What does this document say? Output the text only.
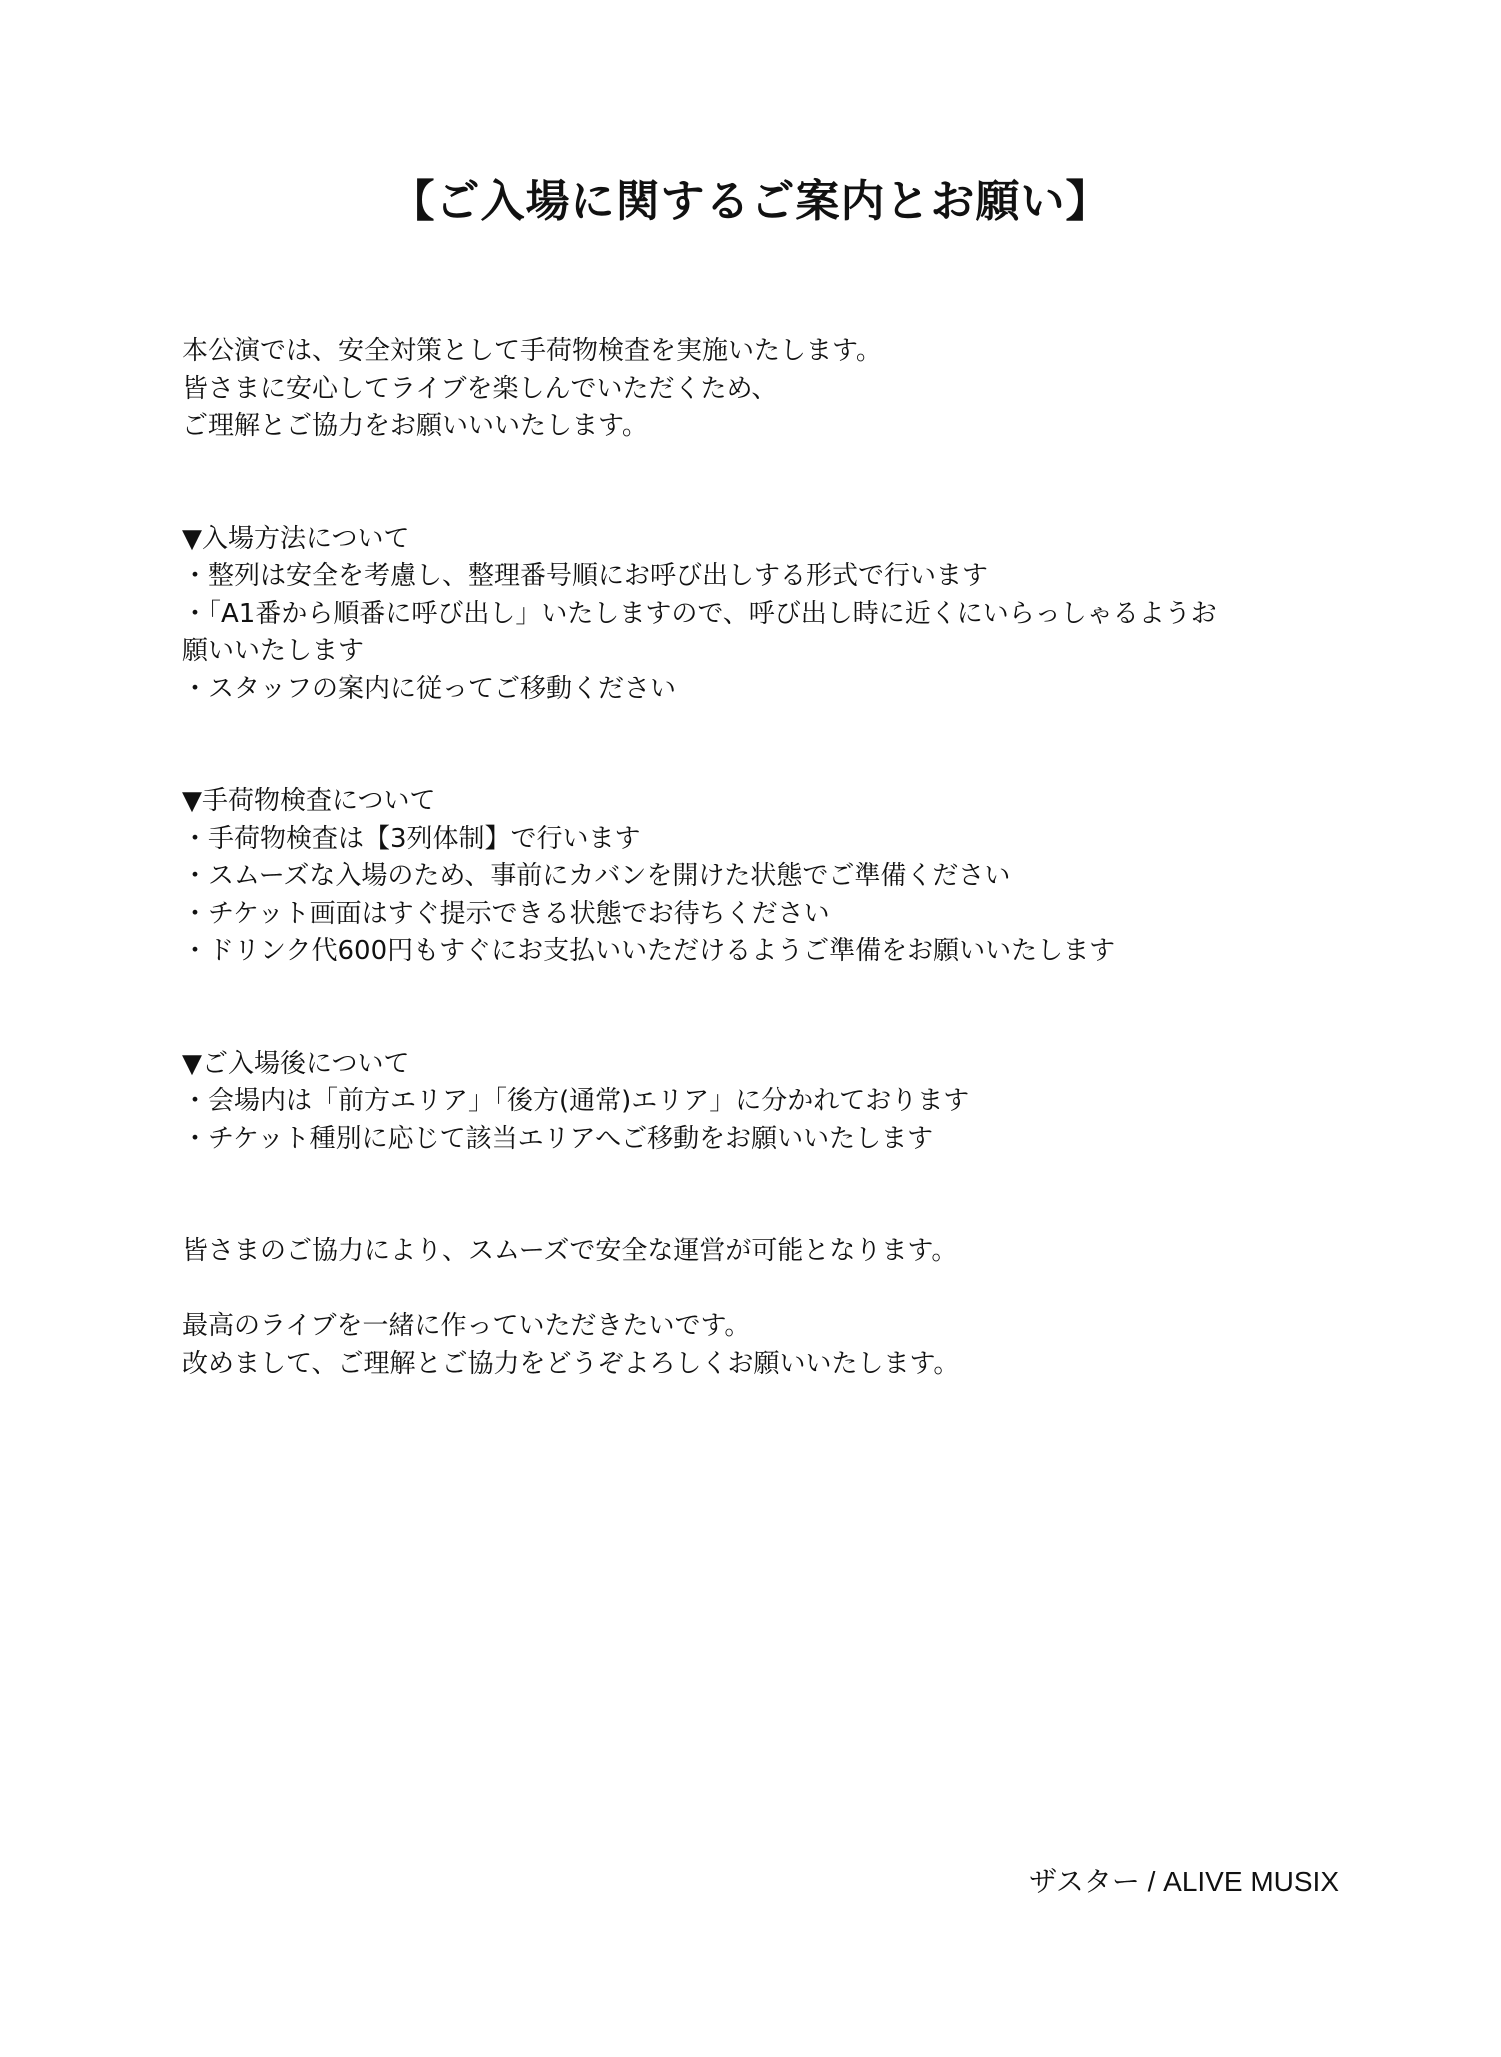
【ご入場に関するご案内とお願い】
本公演では、安全対策として手荷物検査を実施いたします。
皆さまに安心してライブを楽しんでいただくため、
ご理解とご協力をお願いいいたします。
▼入場方法について
・整列は安全を考慮し、整理番号順にお呼び出しする形式で行います
・「A1番から順番に呼び出し」いたしますので、呼び出し時に近くにいらっしゃるようお
願いいたします
・スタッフの案内に従ってご移動ください
▼手荷物検査について
・手荷物検査は【3列体制】で行います
・スムーズな入場のため、事前にカバンを開けた状態でご準備ください
・チケット画面はすぐ提示できる状態でお待ちください
・ドリンク代600円もすぐにお支払いいただけるようご準備をお願いいたします
▼ご入場後について
・会場内は「前方エリア」「後方(通常)エリア」に分かれております
・チケット種別に応じて該当エリアへご移動をお願いいたします
皆さまのご協力により、スムーズで安全な運営が可能となります。
最高のライブを一緒に作っていただきたいです。
改めまして、ご理解とご協力をどうぞよろしくお願いいたします。
ザスター / ALIVE MUSIX
